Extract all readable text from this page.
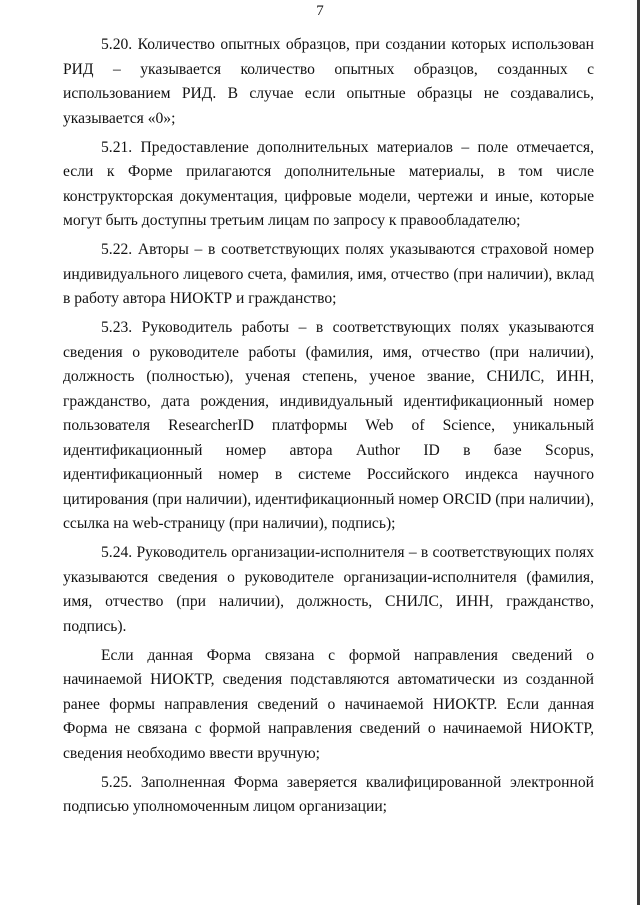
7

5.20. Количество опытных образцов, при создании которых использован РИД – указывается количество опытных образцов, созданных с использованием РИД. В случае если опытные образцы не создавались, указывается «0»;

5.21. Предоставление дополнительных материалов – поле отмечается, если к Форме прилагаются дополнительные материалы, в том числе конструкторская документация, цифровые модели, чертежи и иные, которые могут быть доступны третьим лицам по запросу к правообладателю;

5.22. Авторы – в соответствующих полях указываются страховой номер индивидуального лицевого счета, фамилия, имя, отчество (при наличии), вклад в работу автора НИОКТР и гражданство;

5.23. Руководитель работы – в соответствующих полях указываются сведения о руководителе работы (фамилия, имя, отчество (при наличии), должность (полностью), ученая степень, ученое звание, СНИЛС, ИНН, гражданство, дата рождения, индивидуальный идентификационный номер пользователя ResearcherID платформы Web of Science, уникальный идентификационный номер автора Author ID в базе Scopus, идентификационный номер в системе Российского индекса научного цитирования (при наличии), идентификационный номер ORCID (при наличии), ссылка на web-страницу (при наличии), подпись);

5.24. Руководитель организации-исполнителя – в соответствующих полях указываются сведения о руководителе организации-исполнителя (фамилия, имя, отчество (при наличии), должность, СНИЛС, ИНН, гражданство, подпись).

Если данная Форма связана с формой направления сведений о начинаемой НИОКТР, сведения подставляются автоматически из созданной ранее формы направления сведений о начинаемой НИОКТР. Если данная Форма не связана с формой направления сведений о начинаемой НИОКТР, сведения необходимо ввести вручную;

5.25. Заполненная Форма заверяется квалифицированной электронной подписью уполномоченным лицом организации;
